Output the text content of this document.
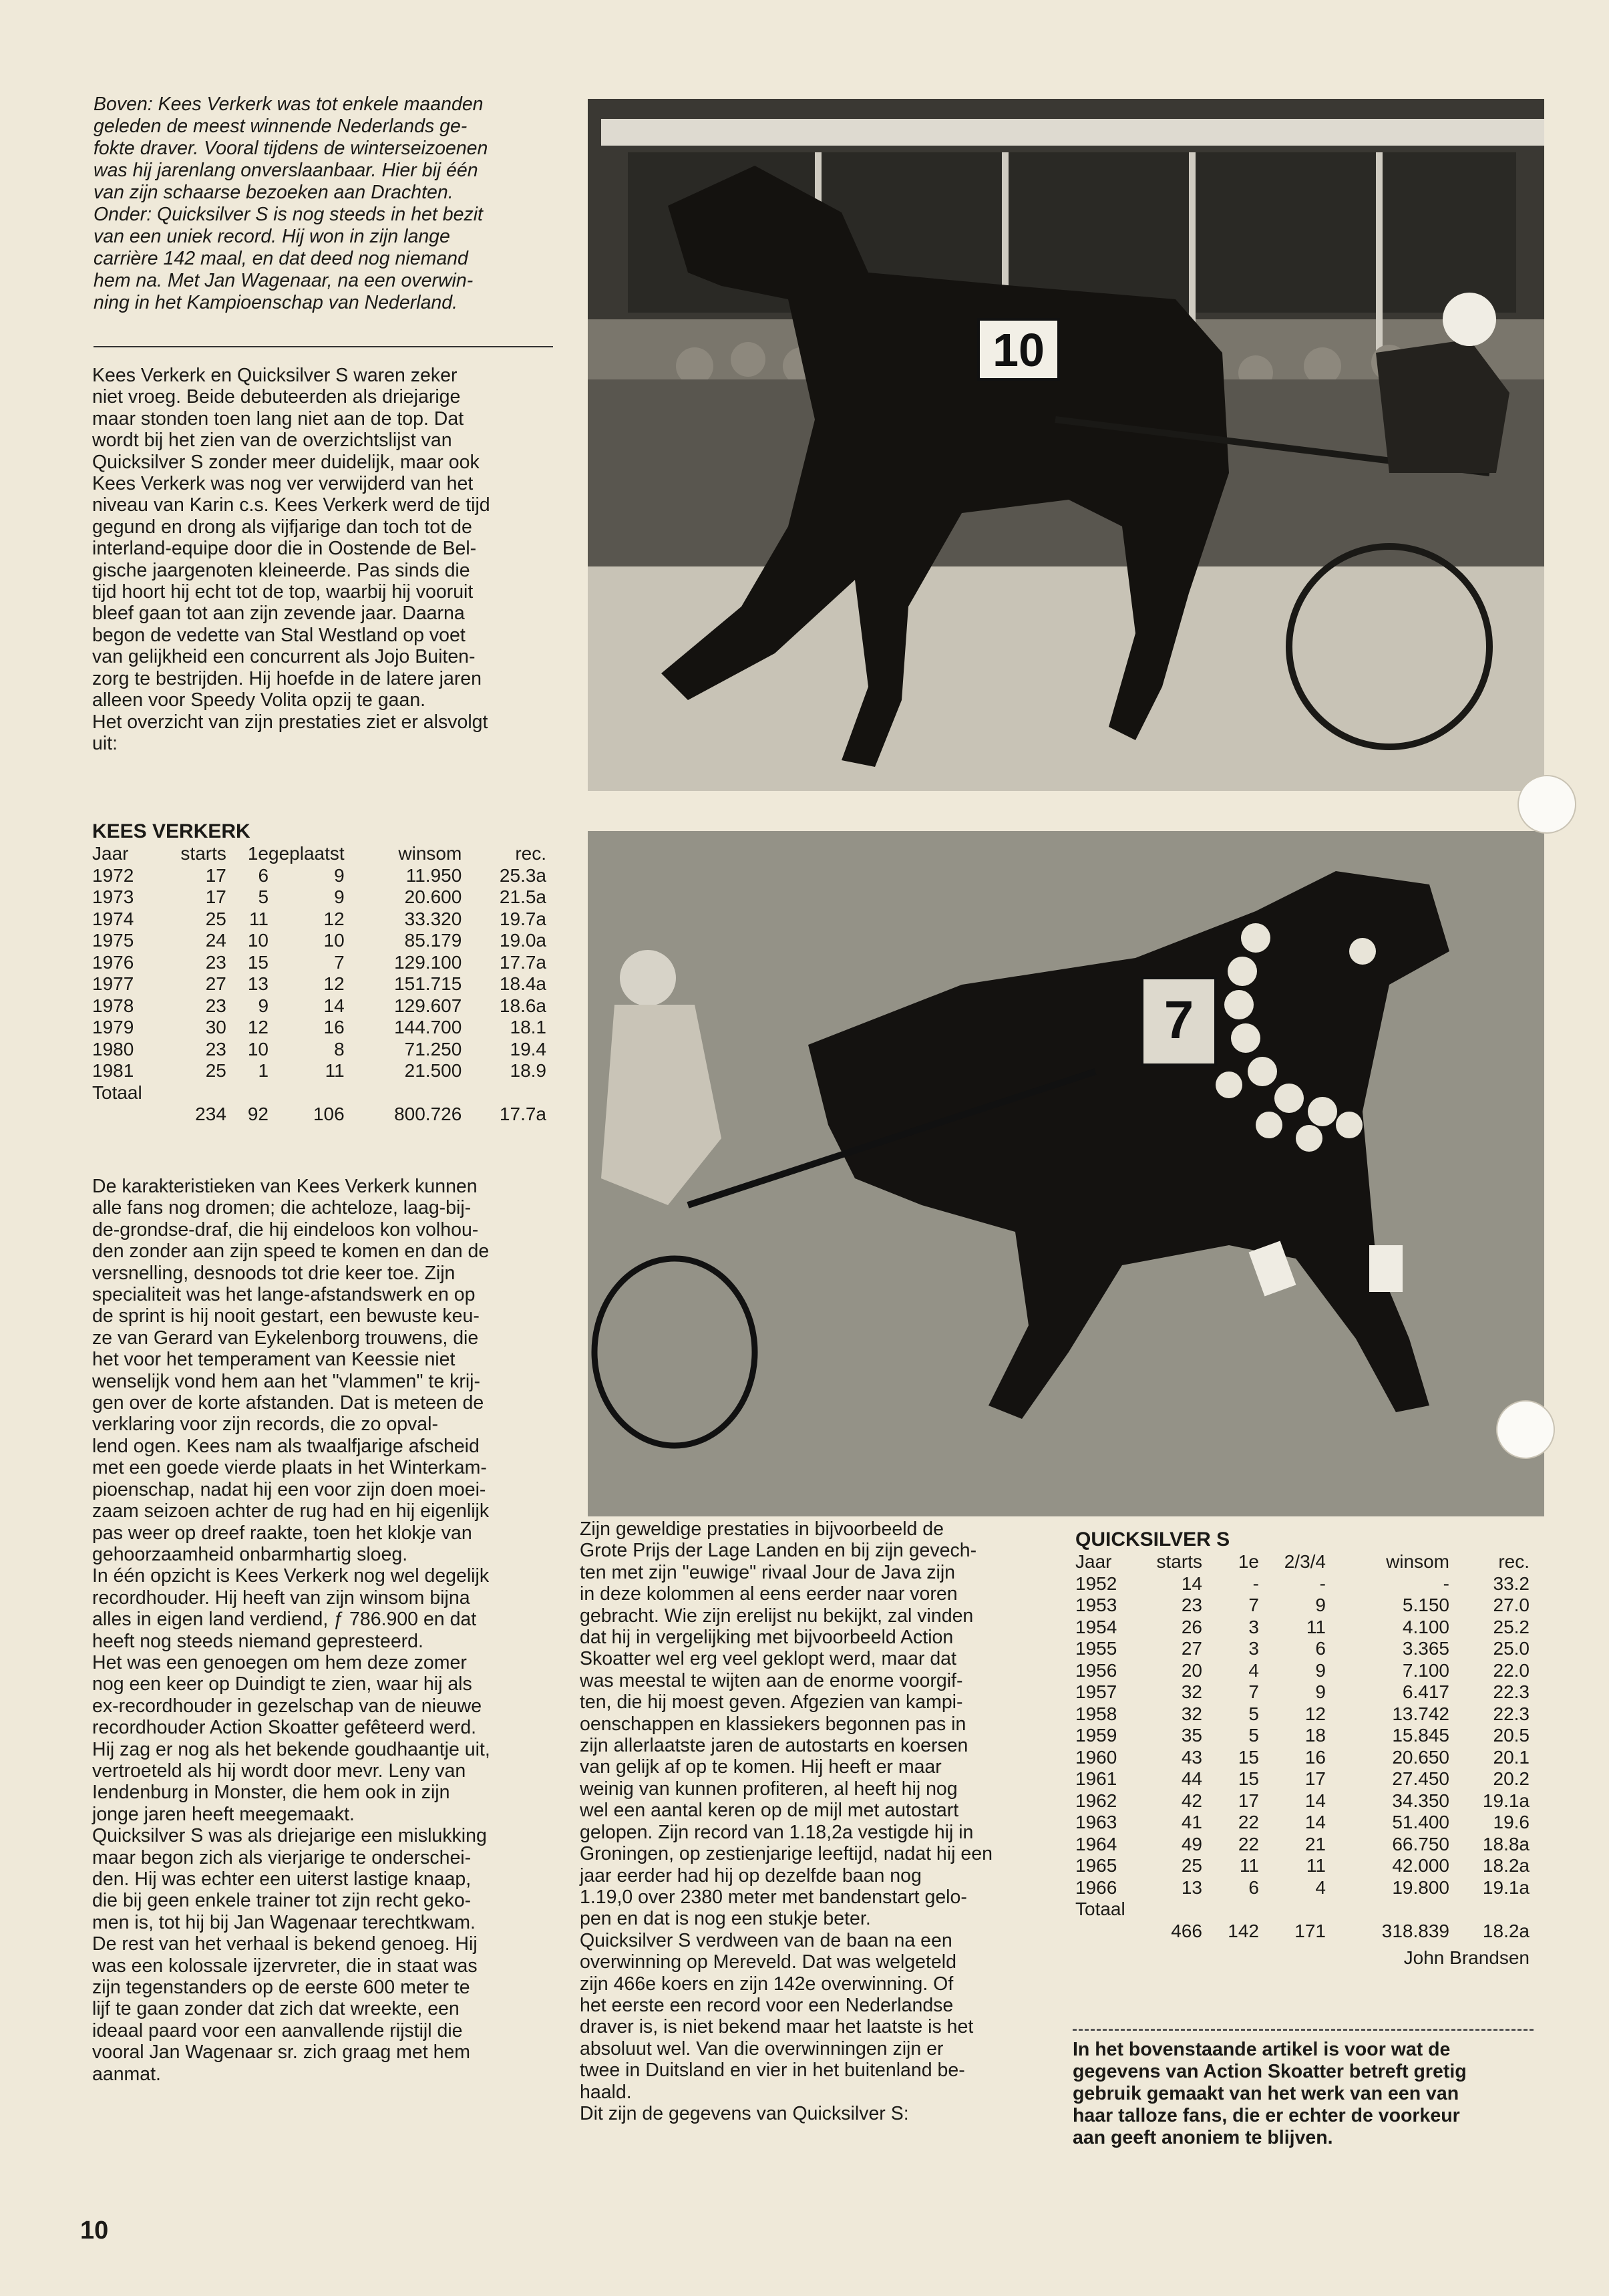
Boven: Kees Verkerk was tot enkele maanden
geleden de meest winnende Nederlands ge-
fokte draver. Vooral tijdens de winterseizoenen
was hij jarenlang onverslaanbaar. Hier bij één
van zijn schaarse bezoeken aan Drachten.
Onder: Quicksilver S is nog steeds in het bezit
van een uniek record. Hij won in zijn lange
carrière 142 maal, en dat deed nog niemand
hem na. Met Jan Wagenaar, na een overwin-
ning in het Kampioenschap van Nederland.
Kees Verkerk en Quicksilver S waren zeker
niet vroeg. Beide debuteerden als driejarige
maar stonden toen lang niet aan de top. Dat
wordt bij het zien van de overzichtslijst van
Quicksilver S zonder meer duidelijk, maar ook
Kees Verkerk was nog ver verwijderd van het
niveau van Karin c.s. Kees Verkerk werd de tijd
gegund en drong als vijfjarige dan toch tot de
interland-equipe door die in Oostende de Bel-
gische jaargenoten kleineerde. Pas sinds die
tijd hoort hij echt tot de top, waarbij hij vooruit
bleef gaan tot aan zijn zevende jaar. Daarna
begon de vedette van Stal Westland op voet
van gelijkheid een concurrent als Jojo Buiten-
zorg te bestrijden. Hij hoefde in de latere jaren
alleen voor Speedy Volita opzij te gaan.
Het overzicht van zijn prestaties ziet er alsvolgt
uit:
KEES VERKERK
Jaar	starts	1e	geplaatst	winsom	rec.
1972	17	6	9	11.950	25.3a
1973	17	5	9	20.600	21.5a
1974	25	11	12	33.320	19.7a
1975	24	10	10	85.179	19.0a
1976	23	15	7	129.100	17.7a
1977	27	13	12	151.715	18.4a
1978	23	9	14	129.607	18.6a
1979	30	12	16	144.700	18.1
1980	23	10	8	71.250	19.4
1981	25	1	11	21.500	18.9
Totaal					
	234	92	106	800.726	17.7a
De karakteristieken van Kees Verkerk kunnen
alle fans nog dromen; die achteloze, laag-bij-
de-grondse-draf, die hij eindeloos kon volhou-
den zonder aan zijn speed te komen en dan de
versnelling, desnoods tot drie keer toe. Zijn
specialiteit was het lange-afstandswerk en op
de sprint is hij nooit gestart, een bewuste keu-
ze van Gerard van Eykelenborg trouwens, die
het voor het temperament van Keessie niet
wenselijk vond hem aan het "vlammen" te krij-
gen over de korte afstanden. Dat is meteen de
verklaring voor zijn records, die zo opval-
lend ogen. Kees nam als twaalfjarige afscheid
met een goede vierde plaats in het Winterkam-
pioenschap, nadat hij een voor zijn doen moei-
zaam seizoen achter de rug had en hij eigenlijk
pas weer op dreef raakte, toen het klokje van
gehoorzaamheid onbarmhartig sloeg.
In één opzicht is Kees Verkerk nog wel degelijk
recordhouder. Hij heeft van zijn winsom bijna
alles in eigen land verdiend, ƒ 786.900 en dat
heeft nog steeds niemand gepresteerd.
Het was een genoegen om hem deze zomer
nog een keer op Duindigt te zien, waar hij als
ex-recordhouder in gezelschap van de nieuwe
recordhouder Action Skoatter gefêteerd werd.
Hij zag er nog als het bekende goudhaantje uit,
vertroeteld als hij wordt door mevr. Leny van
Iendenburg in Monster, die hem ook in zijn
jonge jaren heeft meegemaakt.
Quicksilver S was als driejarige een mislukking
maar begon zich als vierjarige te onderschei-
den. Hij was echter een uiterst lastige knaap,
die bij geen enkele trainer tot zijn recht geko-
men is, tot hij bij Jan Wagenaar terechtkwam.
De rest van het verhaal is bekend genoeg. Hij
was een kolossale ijzervreter, die in staat was
zijn tegenstanders op de eerste 600 meter te
lijf te gaan zonder dat zich dat wreekte, een
ideaal paard voor een aanvallende rijstijl die
vooral Jan Wagenaar sr. zich graag met hem
aanmat.
10
7
Zijn geweldige prestaties in bijvoorbeeld de
Grote Prijs der Lage Landen en bij zijn gevech-
ten met zijn "euwige" rivaal Jour de Java zijn
in deze kolommen al eens eerder naar voren
gebracht. Wie zijn erelijst nu bekijkt, zal vinden
dat hij in vergelijking met bijvoorbeeld Action
Skoatter wel erg veel geklopt werd, maar dat
was meestal te wijten aan de enorme voorgif-
ten, die hij moest geven. Afgezien van kampi-
oenschappen en klassiekers begonnen pas in
zijn allerlaatste jaren de autostarts en koersen
van gelijk af op te komen. Hij heeft er maar
weinig van kunnen profiteren, al heeft hij nog
wel een aantal keren op de mijl met autostart
gelopen. Zijn record van 1.18,2a vestigde hij in
Groningen, op zestienjarige leeftijd, nadat hij een
jaar eerder had hij op dezelfde baan nog
1.19,0 over 2380 meter met bandenstart gelo-
pen en dat is nog een stukje beter.
Quicksilver S verdween van de baan na een
overwinning op Mereveld. Dat was welgeteld
zijn 466e koers en zijn 142e overwinning. Of
het eerste een record voor een Nederlandse
draver is, is niet bekend maar het laatste is het
absoluut wel. Van die overwinningen zijn er
twee in Duitsland en vier in het buitenland be-
haald.
Dit zijn de gegevens van Quicksilver S:
QUICKSILVER S
Jaar	starts	1e	2/3/4	winsom	rec.
1952	14	-	-	-	33.2
1953	23	7	9	5.150	27.0
1954	26	3	11	4.100	25.2
1955	27	3	6	3.365	25.0
1956	20	4	9	7.100	22.0
1957	32	7	9	6.417	22.3
1958	32	5	12	13.742	22.3
1959	35	5	18	15.845	20.5
1960	43	15	16	20.650	20.1
1961	44	15	17	27.450	20.2
1962	42	17	14	34.350	19.1a
1963	41	22	14	51.400	19.6
1964	49	22	21	66.750	18.8a
1965	25	11	11	42.000	18.2a
1966	13	6	4	19.800	19.1a
Totaal					
	466	142	171	318.839	18.2a
John Brandsen
In het bovenstaande artikel is voor wat de
gegevens van Action Skoatter betreft gretig
gebruik gemaakt van het werk van een van
haar talloze fans, die er echter de voorkeur
aan geeft anoniem te blijven.
10
